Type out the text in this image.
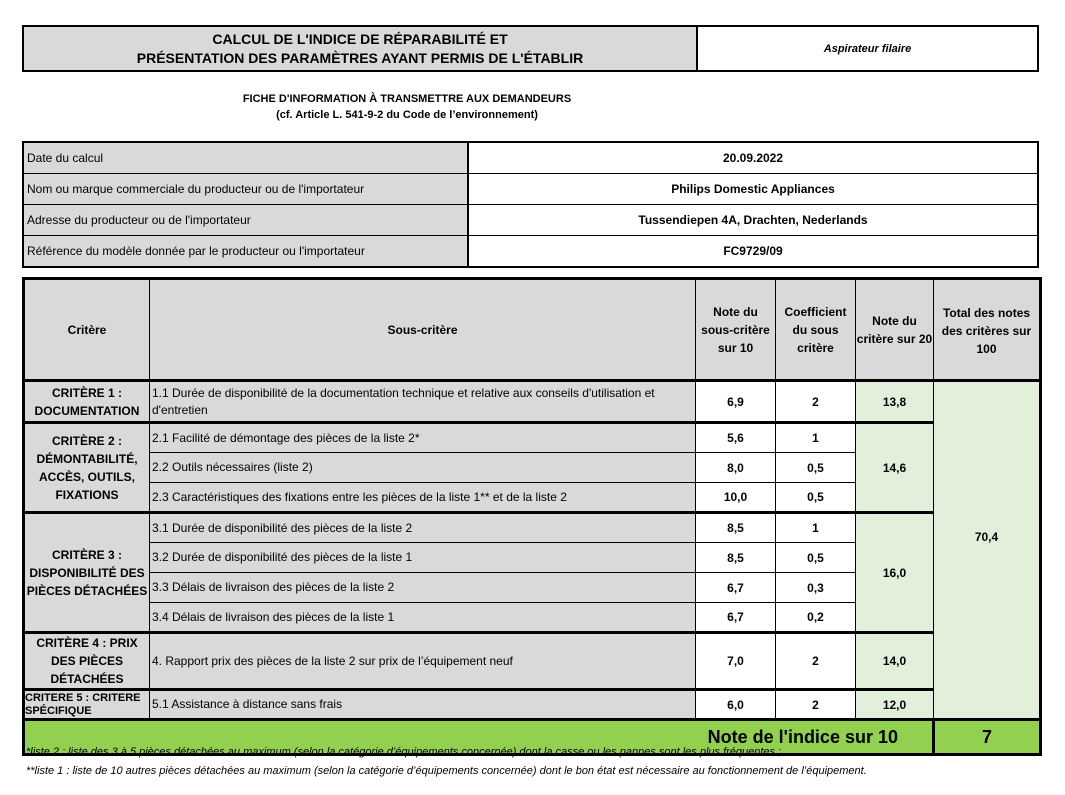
CALCUL DE L'INDICE DE RÉPARABILITÉ ET
PRÉSENTATION DES PARAMÈTRES AYANT PERMIS DE L'ÉTABLIR
Aspirateur filaire
FICHE D'INFORMATION À TRANSMETTRE AUX DEMANDEURS
(cf. Article L. 541-9-2 du Code de l’environnement)
Date du calcul	20.09.2022
Nom ou marque commerciale du producteur ou de l'importateur	Philips Domestic Appliances
Adresse du producteur ou de l'importateur	Tussendiepen 4A, Drachten, Nederlands
Référence du modèle donnée par le producteur ou l'importateur	FC9729/09
Critère	Sous-critère	Note du sous-critère sur 10	Coefficient du sous critère	Note du critère sur 20	Total des notes des critères sur 100
CRITÈRE 1 : DOCUMENTATION	1.1 Durée de disponibilité de la documentation technique et relative aux conseils d'utilisation et d'entretien	6,9	2	13,8	70,4
CRITÈRE 2 : DÉMONTABILITÉ, ACCÈS, OUTILS, FIXATIONS	2.1 Facilité de démontage des pièces de la liste 2*	5,6	1	14,6	
	2.2 Outils nécessaires (liste 2)	8,0	0,5		
	2.3 Caractéristiques des fixations entre les pièces de la liste 1** et de la liste 2	10,0	0,5		
CRITÈRE 3 : DISPONIBILITÉ DES PIÈCES DÉTACHÉES	3.1 Durée de disponibilité des pièces de la liste 2	8,5	1	16,0	
	3.2 Durée de disponibilité des pièces de la liste 1	8,5	0,5		
	3.3 Délais de livraison des pièces de la liste 2	6,7	0,3		
	3.4 Délais de livraison des pièces de la liste 1	6,7	0,2		
CRITÈRE 4 : PRIX DES PIÈCES DÉTACHÉES	4. Rapport prix des pièces de la liste 2 sur prix de l’équipement neuf	7,0	2	14,0	
CRITERE 5 : CRITERE SPÉCIFIQUE	5.1 Assistance à distance sans frais	6,0	2	12,0	
Note de l'indice sur 10					7
*liste 2 : liste des 3 à 5 pièces détachées au maximum (selon la catégorie d’équipements concernée) dont la casse ou les pannes sont les plus fréquentes ;
**liste 1 : liste de 10 autres pièces détachées au maximum (selon la catégorie d’équipements concernée) dont le bon état est nécessaire au fonctionnement de l’équipement.
